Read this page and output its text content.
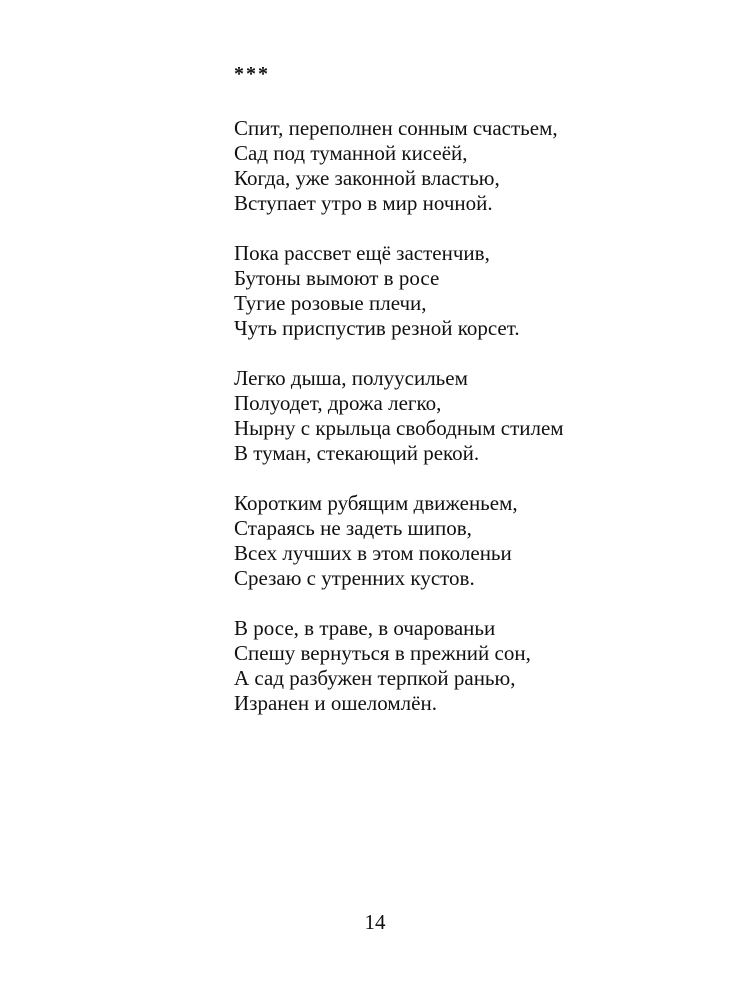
***
Спит, переполнен сонным счастьем,
Сад под туманной кисеёй,
Когда, уже законной властью,
Вступает утро в мир ночной.
Пока рассвет ещё застенчив,
Бутоны вымоют в росе
Тугие розовые плечи,
Чуть приспустив резной корсет.
Легко дыша, полуусильем
Полуодет, дрожа легко,
Нырну с крыльца свободным стилем
В туман, стекающий рекой.
Коротким рубящим движеньем,
Стараясь не задеть шипов,
Всех лучших в этом поколеньи
Срезаю с утренних кустов.
В росе, в траве, в очарованьи
Спешу вернуться в прежний сон,
А сад разбужен терпкой ранью,
Изранен и ошеломлён.
14
